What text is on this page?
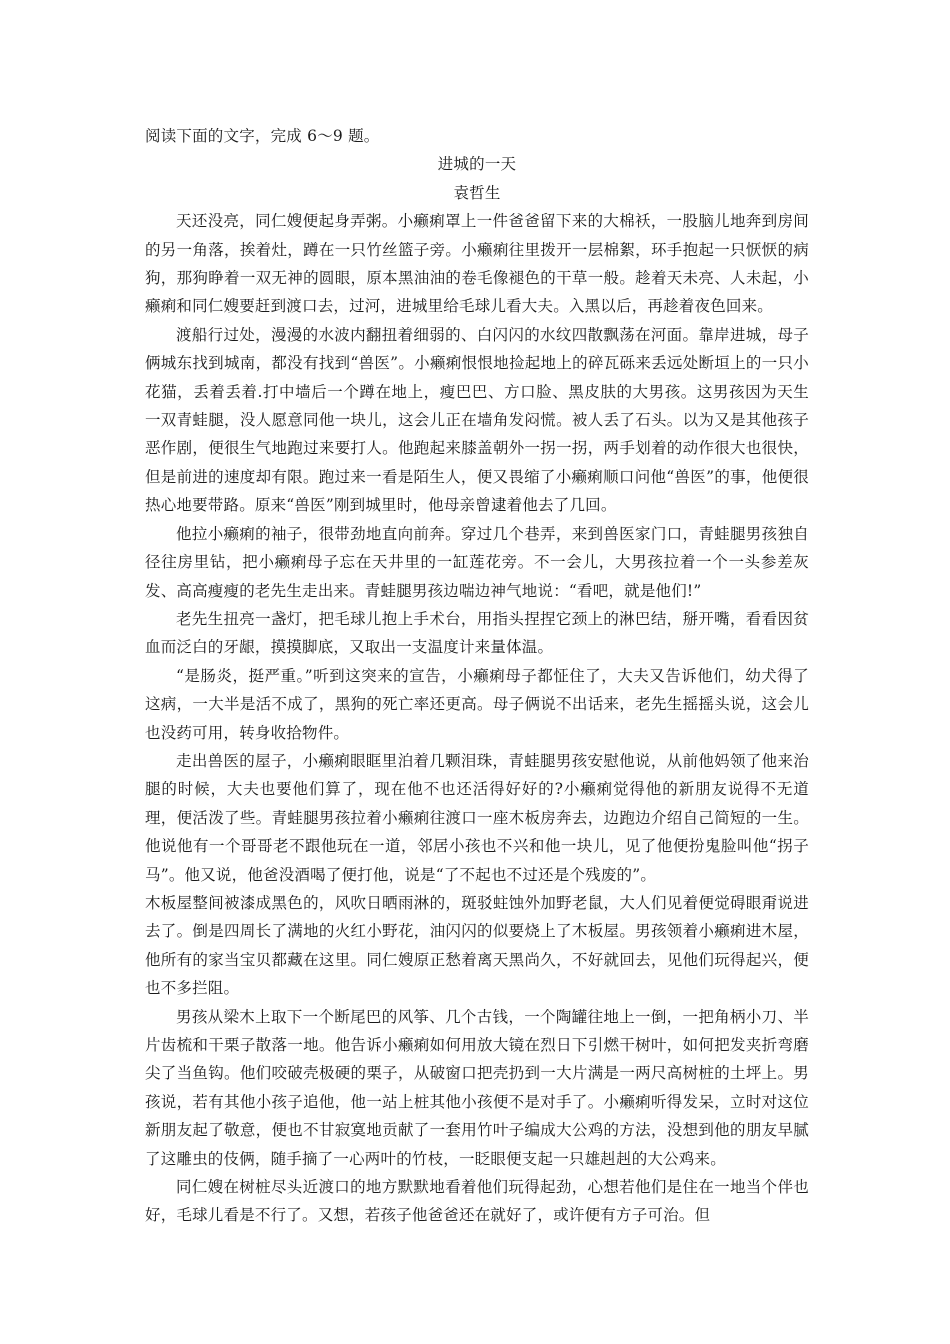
阅读下面的文字，完成 6～9 题。

进城的一天

袁哲生

天还没亮，同仁嫂便起身弄粥。小癞痢罩上一件爸爸留下来的大棉袄，一股脑儿地奔到房间的另一角落，挨着灶，蹲在一只竹丝篮子旁。小癞痢往里拨开一层棉絮，环手抱起一只恹恹的病狗，那狗睁着一双无神的圆眼，原本黑油油的卷毛像褪色的干草一般。趁着天未亮、人未起，小癞痢和同仁嫂要赶到渡口去，过河，进城里给毛球儿看大夫。入黑以后，再趁着夜色回来。

渡船行过处，漫漫的水波内翻扭着细弱的、白闪闪的水纹四散飘荡在河面。靠岸进城，母子俩城东找到城南，都没有找到“兽医”。小癞痢恨恨地捡起地上的碎瓦砾来丢远处断垣上的一只小花猫，丢着丢着.打中墙后一个蹲在地上，瘦巴巴、方口脸、黑皮肤的大男孩。这男孩因为天生一双青蛙腿，没人愿意同他一块儿，这会儿正在墙角发闷慌。被人丢了石头。以为又是其他孩子恶作剧，便很生气地跑过来要打人。他跑起来膝盖朝外一拐一拐，两手划着的动作很大也很快，但是前进的速度却有限。跑过来一看是陌生人，便又畏缩了小癞痢顺口问他“兽医”的事，他便很热心地要带路。原来“兽医”刚到城里时，他母亲曾逮着他去了几回。

他拉小癞痢的袖子，很带劲地直向前奔。穿过几个巷弄，来到兽医家门口，青蛙腿男孩独自径往房里钻，把小癞痢母子忘在天井里的一缸莲花旁。不一会儿，大男孩拉着一个一头参差灰发、高高瘦瘦的老先生走出来。青蛙腿男孩边喘边神气地说：“看吧，就是他们!”

老先生扭亮一盏灯，把毛球儿抱上手术台，用指头捏捏它颈上的淋巴结，掰开嘴，看看因贫血而泛白的牙龈，摸摸脚底，又取出一支温度计来量体温。

“是肠炎，挺严重。”听到这突来的宣告，小癞痢母子都怔住了，大夫又告诉他们，幼犬得了这病，一大半是活不成了，黑狗的死亡率还更高。母子俩说不出话来，老先生摇摇头说，这会儿也没药可用，转身收拾物件。

走出兽医的屋子，小癞痢眼眶里泊着几颗泪珠，青蛙腿男孩安慰他说，从前他妈领了他来治腿的时候，大夫也要他们算了，现在他不也还活得好好的?小癞痢觉得他的新朋友说得不无道理，便活泼了些。青蛙腿男孩拉着小癞痢往渡口一座木板房奔去，边跑边介绍自己简短的一生。他说他有一个哥哥老不跟他玩在一道，邻居小孩也不兴和他一块儿，见了他便扮鬼脸叫他“拐子马”。他又说，他爸没酒喝了便打他，说是“了不起也不过还是个残废的”。

木板屋整间被漆成黑色的，风吹日晒雨淋的，斑驳蛀蚀外加野老鼠，大人们见着便觉碍眼甭说进去了。倒是四周长了满地的火红小野花，油闪闪的似要烧上了木板屋。男孩领着小癞痢进木屋，他所有的家当宝贝都藏在这里。同仁嫂原正愁着离天黑尚久，不好就回去，见他们玩得起兴，便也不多拦阻。

男孩从梁木上取下一个断尾巴的风筝、几个古钱，一个陶罐往地上一倒，一把角柄小刀、半片齿梳和干栗子散落一地。他告诉小癞痢如何用放大镜在烈日下引燃干树叶，如何把发夹折弯磨尖了当鱼钩。他们咬破壳极硬的栗子，从破窗口把壳扔到一大片满是一两尺高树桩的土坪上。男孩说，若有其他小孩子追他，他一站上桩其他小孩便不是对手了。小癞痢听得发呆，立时对这位新朋友起了敬意，便也不甘寂寞地贡献了一套用竹叶子编成大公鸡的方法，没想到他的朋友早腻了这雕虫的伎俩，随手摘了一心两叶的竹枝，一眨眼便支起一只雄赳赳的大公鸡来。

同仁嫂在树桩尽头近渡口的地方默默地看着他们玩得起劲，心想若他们是住在一地当个伴也好，毛球儿看是不行了。又想，若孩子他爸爸还在就好了，或许便有方子可治。但
